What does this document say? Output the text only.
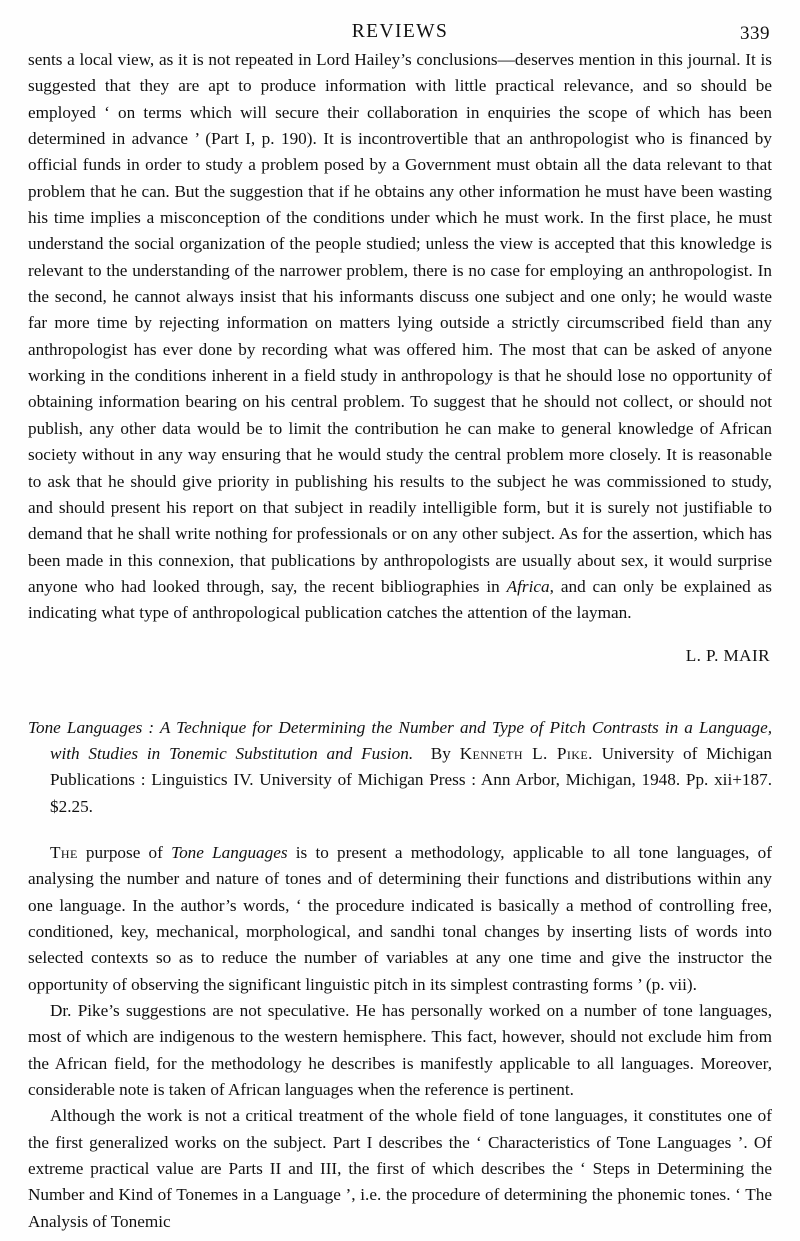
REVIEWS	339

sents a local view, as it is not repeated in Lord Hailey’s conclusions—deserves mention in this journal. It is suggested that they are apt to produce information with little practical relevance, and so should be employed ‘ on terms which will secure their collaboration in enquiries the scope of which has been determined in advance ’ (Part I, p. 190). It is incontrovertible that an anthropologist who is financed by official funds in order to study a problem posed by a Government must obtain all the data relevant to that problem that he can. But the suggestion that if he obtains any other information he must have been wasting his time implies a misconception of the conditions under which he must work. In the first place, he must understand the social organization of the people studied; unless the view is accepted that this knowledge is relevant to the understanding of the narrower problem, there is no case for employing an anthropologist. In the second, he cannot always insist that his informants discuss one subject and one only; he would waste far more time by rejecting information on matters lying outside a strictly circumscribed field than any anthropologist has ever done by recording what was offered him. The most that can be asked of anyone working in the conditions inherent in a field study in anthropology is that he should lose no opportunity of obtaining information bearing on his central problem. To suggest that he should not collect, or should not publish, any other data would be to limit the contribution he can make to general knowledge of African society without in any way ensuring that he would study the central problem more closely. It is reasonable to ask that he should give priority in publishing his results to the subject he was commissioned to study, and should present his report on that subject in readily intelligible form, but it is surely not justifiable to demand that he shall write nothing for professionals or on any other subject. As for the assertion, which has been made in this connexion, that publications by anthropologists are usually about sex, it would surprise anyone who had looked through, say, the recent bibliographies in Africa, and can only be explained as indicating what type of anthropological publication catches the attention of the layman.

L. P. MAIR

Tone Languages : A Technique for Determining the Number and Type of Pitch Contrasts in a Language, with Studies in Tonemic Substitution and Fusion. By Kenneth L. Pike. University of Michigan Publications : Linguistics IV. University of Michigan Press : Ann Arbor, Michigan, 1948. Pp. xii+187. $2.25.

The purpose of Tone Languages is to present a methodology, applicable to all tone languages, of analysing the number and nature of tones and of determining their functions and distributions within any one language. In the author’s words, ‘ the procedure indicated is basically a method of controlling free, conditioned, key, mechanical, morphological, and sandhi tonal changes by inserting lists of words into selected contexts so as to reduce the number of variables at any one time and give the instructor the opportunity of observing the significant linguistic pitch in its simplest contrasting forms ’ (p. vii).

Dr. Pike’s suggestions are not speculative. He has personally worked on a number of tone languages, most of which are indigenous to the western hemisphere. This fact, however, should not exclude him from the African field, for the methodology he describes is manifestly applicable to all languages. Moreover, considerable note is taken of African languages when the reference is pertinent.

Although the work is not a critical treatment of the whole field of tone languages, it constitutes one of the first generalized works on the subject. Part I describes the ‘ Characteristics of Tone Languages ’. Of extreme practical value are Parts II and III, the first of which describes the ‘ Steps in Determining the Number and Kind of Tonemes in a Language ’, i.e. the procedure of determining the phonemic tones. ‘ The Analysis of Tonemic
